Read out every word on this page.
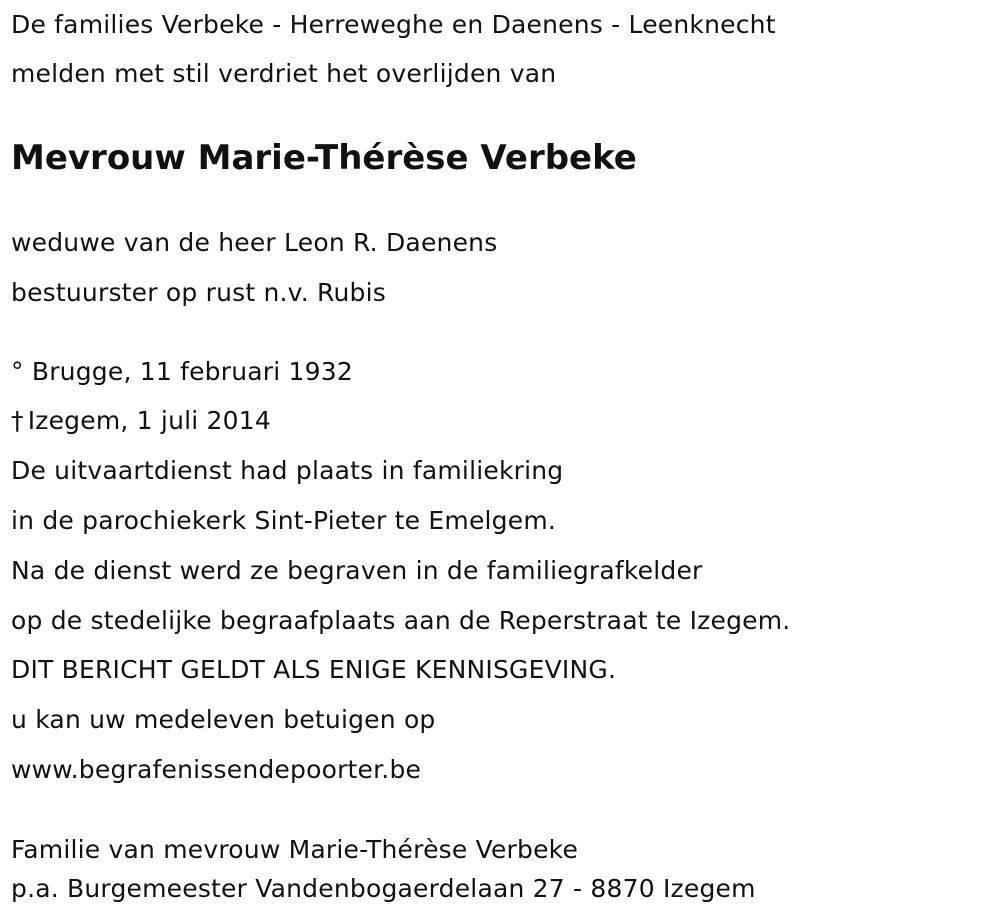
De families Verbeke - Herreweghe en Daenens - Leenknecht
melden met stil verdriet het overlijden van
Mevrouw Marie-Thérèse Verbeke
weduwe van de heer Leon R. Daenens
bestuurster op rust n.v. Rubis
° Brugge, 11 februari 1932
† Izegem, 1 juli 2014
De uitvaartdienst had plaats in familiekring
in de parochiekerk Sint-Pieter te Emelgem.
Na de dienst werd ze begraven in de familiegrafkelder
op de stedelijke begraafplaats aan de Reperstraat te Izegem.
DIT BERICHT GELDT ALS ENIGE KENNISGEVING.
u kan uw medeleven betuigen op
www.begrafenissendepoorter.be
Familie van mevrouw Marie-Thérèse Verbeke
p.a. Burgemeester Vandenbogaerdelaan 27 - 8870 Izegem
